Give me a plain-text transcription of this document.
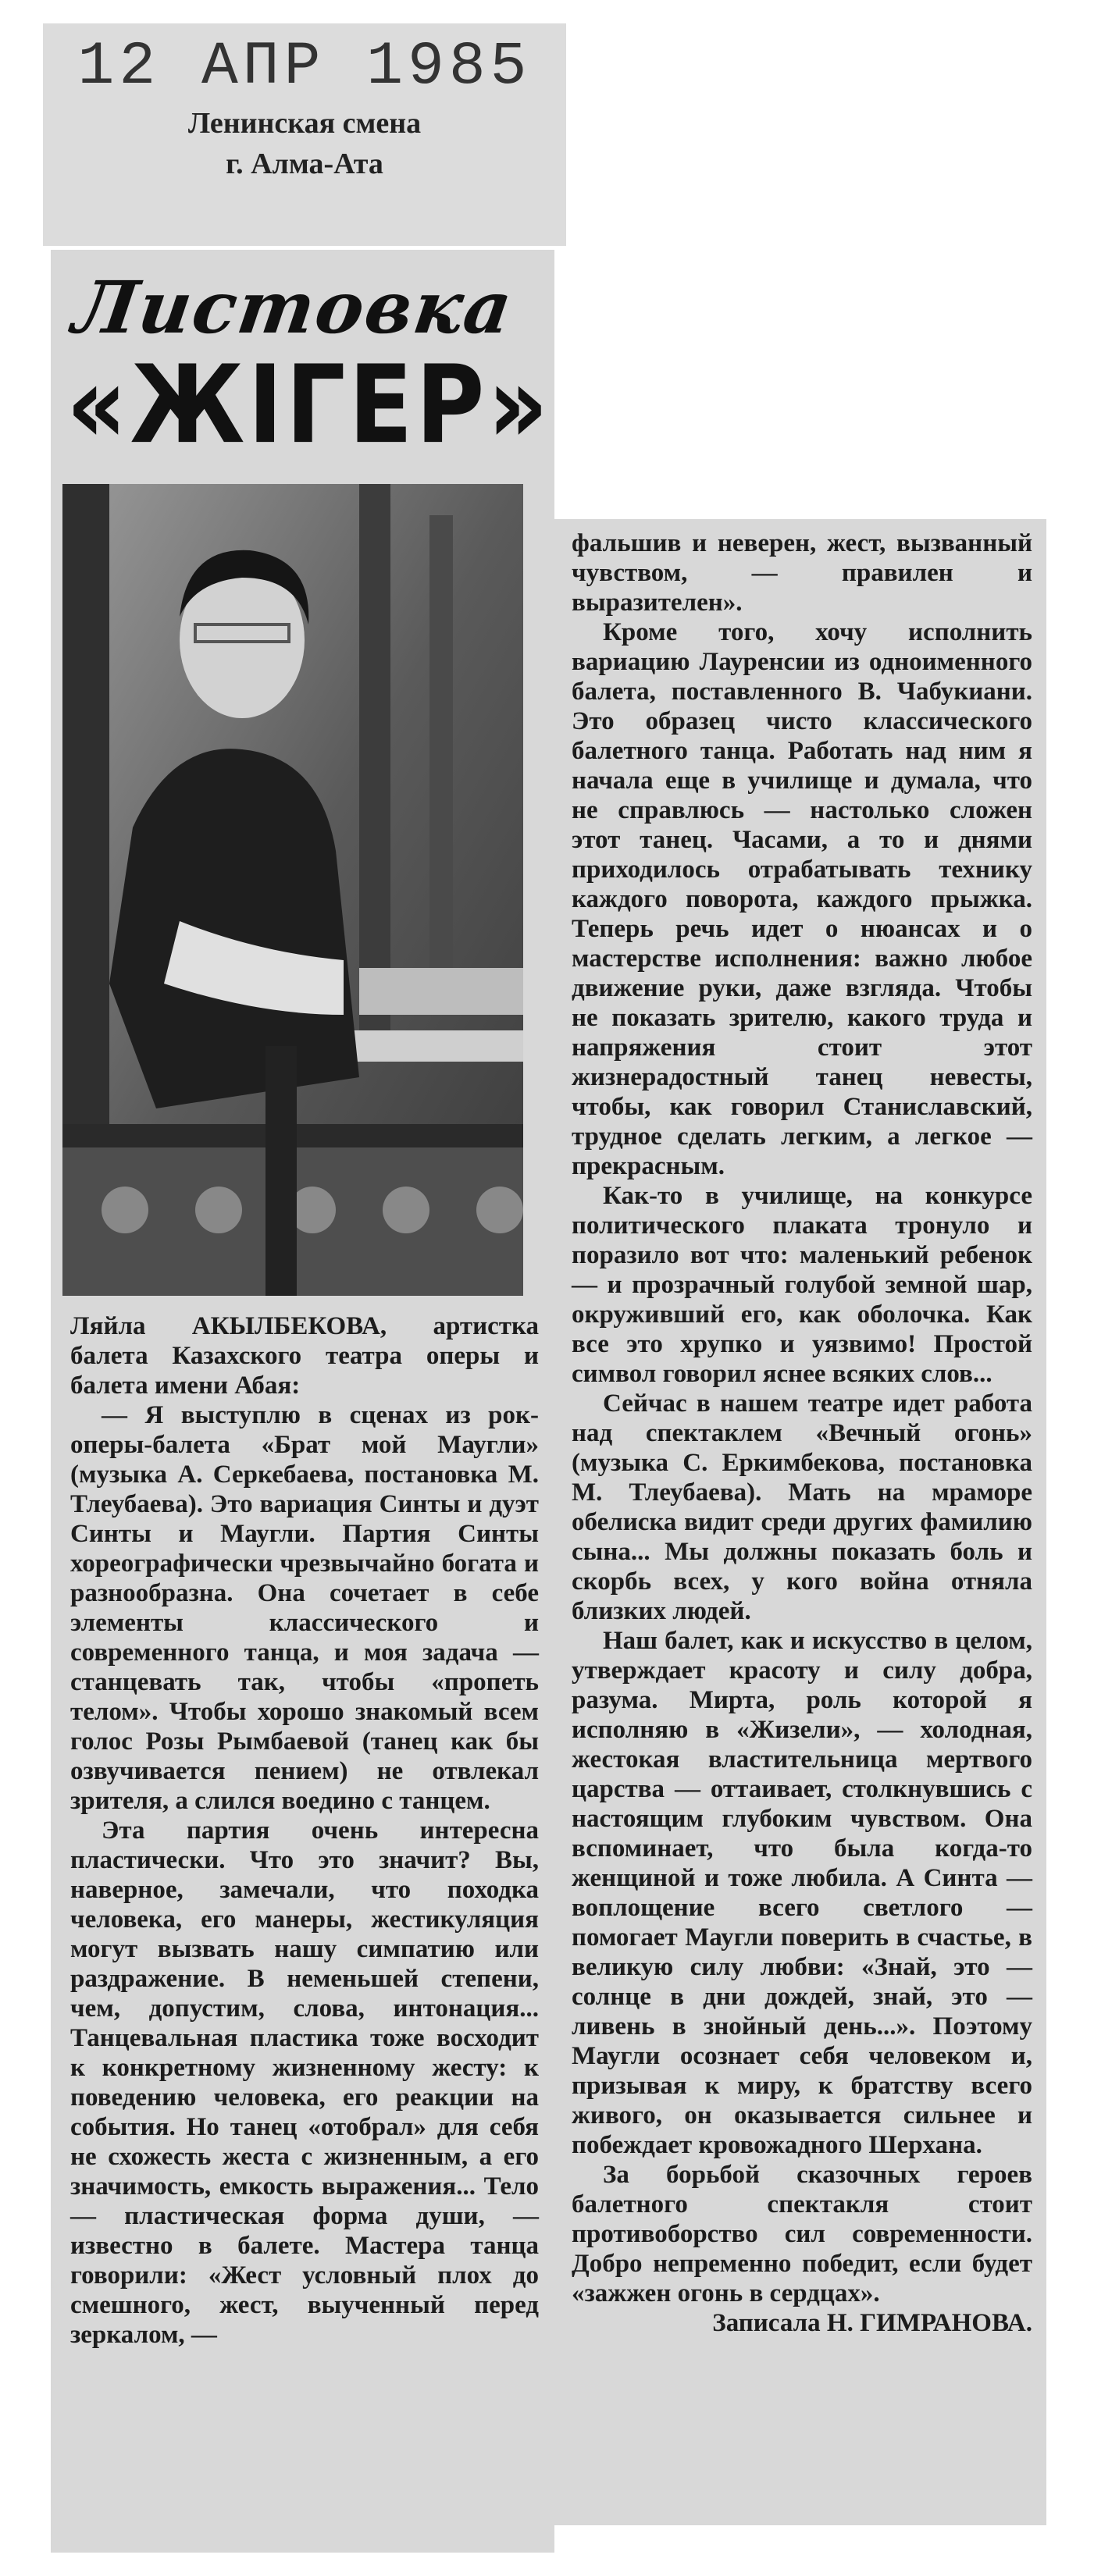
12 АПР 1985
Ленинская смена
г. Алма-Ата
Листовка
«ЖIГЕР»

Ляйла АКЫЛБЕКОВА, артистка балета Казахского театра оперы и балета имени Абая:

— Я выступлю в сценах из рок-оперы-балета «Брат мой Маугли» (музыка А. Серкебаева, постановка М. Тлеубаева). Это вариация Синты и дуэт Синты и Маугли. Партия Синты хореографически чрезвычайно богата и разнообразна. Она сочетает в себе элементы классического и современного танца, и моя задача — станцевать так, чтобы «пропеть телом». Чтобы хорошо знакомый всем голос Розы Рымбаевой (танец как бы озвучивается пением) не отвлекал зрителя, а слился воедино с танцем.

Эта партия очень интересна пластически. Что это значит? Вы, наверное, замечали, что походка человека, его манеры, жестикуляция могут вызвать нашу симпатию или раздражение. В неменьшей степени, чем, допустим, слова, интонация... Танцевальная пластика тоже восходит к конкретному жизненному жесту: к поведению человека, его реакции на события. Но танец «отобрал» для себя не схожесть жеста с жизненным, а его значимость, емкость выражения... Тело — пластическая форма души, — известно в балете. Мастера танца говорили: «Жест условный плох до смешного, жест, выученный перед зеркалом, —

фальшив и неверен, жест, вызванный чувством, — правилен и выразителен».

Кроме того, хочу исполнить вариацию Лауренсии из одноименного балета, поставленного В. Чабукиани. Это образец чисто классического балетного танца. Работать над ним я начала еще в училище и думала, что не справлюсь — настолько сложен этот танец. Часами, а то и днями приходилось отрабатывать технику каждого поворота, каждого прыжка. Теперь речь идет о нюансах и о мастерстве исполнения: важно любое движение руки, даже взгляда. Чтобы не показать зрителю, какого труда и напряжения стоит этот жизнерадостный танец невесты, чтобы, как говорил Станиславский, трудное сделать легким, а легкое — прекрасным.

Как-то в училище, на конкурсе политического плаката тронуло и поразило вот что: маленький ребенок — и прозрачный голубой земной шар, окруживший его, как оболочка. Как все это хрупко и уязвимо! Простой символ говорил яснее всяких слов...

Сейчас в нашем театре идет работа над спектаклем «Вечный огонь» (музыка С. Еркимбекова, постановка М. Тлеубаева). Мать на мраморе обелиска видит среди других фамилию сына... Мы должны показать боль и скорбь всех, у кого война отняла близких людей.

Наш балет, как и искусство в целом, утверждает красоту и силу добра, разума. Мирта, роль которой я исполняю в «Жизели», — холодная, жестокая властительница мертвого царства — оттаивает, столкнувшись с настоящим глубоким чувством. Она вспоминает, что была когда-то женщиной и тоже любила. А Синта — воплощение всего светлого — помогает Маугли поверить в счастье, в великую силу любви: «Знай, это — солнце в дни дождей, знай, это — ливень в знойный день...». Поэтому Маугли осознает себя человеком и, призывая к миру, к братству всего живого, он оказывается сильнее и побеждает кровожадного Шерхана.

За борьбой сказочных героев балетного спектакля стоит противоборство сил современности. Добро непременно победит, если будет «зажжен огонь в сердцах».

Записала Н. ГИМРАНОВА.
